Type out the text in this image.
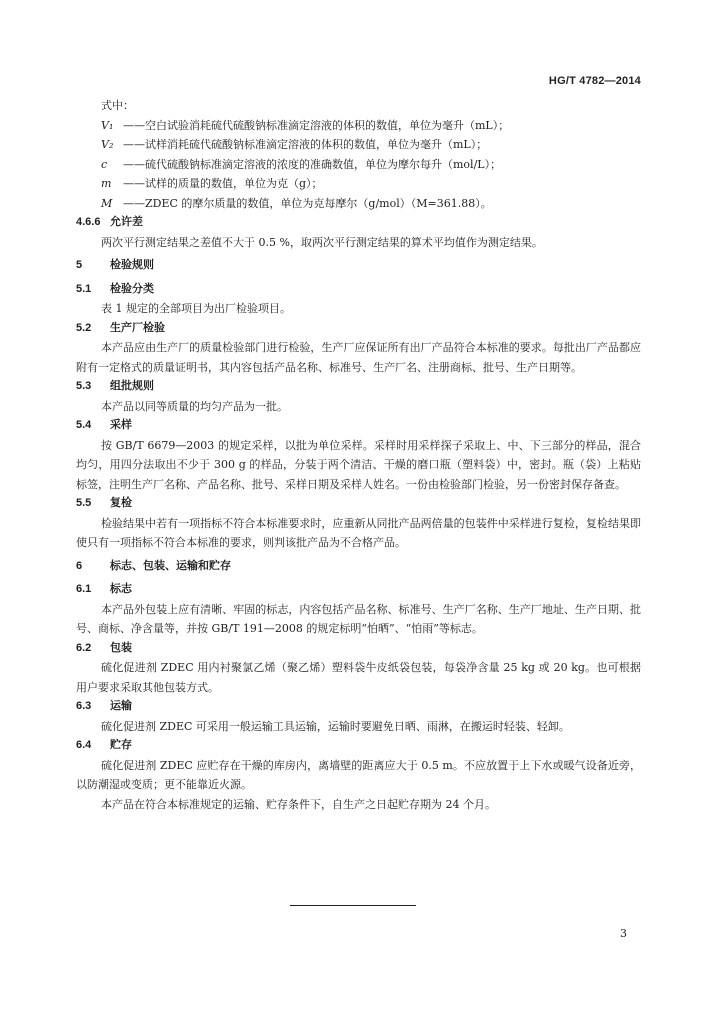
HG/T 4782—2014
式中：
V₁ ——空白试验消耗硫代硫酸钠标准滴定溶液的体积的数值，单位为毫升（mL）；
V₂ ——试样消耗硫代硫酸钠标准滴定溶液的体积的数值，单位为毫升（mL）；
c ——硫代硫酸钠标准滴定溶液的浓度的准确数值，单位为摩尔每升（mol/L）；
m ——试样的质量的数值，单位为克（g）；
M ——ZDEC 的摩尔质量的数值，单位为克每摩尔（g/mol）（M=361.88）。
4.6.6 允许差
两次平行测定结果之差值不大于 0.5 %，取两次平行测定结果的算术平均值作为测定结果。
5	检验规则
5.1 检验分类
表 1 规定的全部项目为出厂检验项目。
5.2 生产厂检验
本产品应由生产厂的质量检验部门进行检验，生产厂应保证所有出厂产品符合本标准的要求。每批出厂产品都应附有一定格式的质量证明书，其内容包括产品名称、标准号、生产厂名、注册商标、批号、生产日期等。
5.3 组批规则
本产品以同等质量的均匀产品为一批。
5.4 采样
按 GB/T 6679—2003 的规定采样，以批为单位采样。采样时用采样探子采取上、中、下三部分的样品，混合均匀，用四分法取出不少于 300 g 的样品，分装于两个清洁、干燥的磨口瓶（塑料袋）中，密封。瓶（袋）上粘贴标签，注明生产厂名称、产品名称、批号、采样日期及采样人姓名。一份由检验部门检验，另一份密封保存备查。
5.5 复检
检验结果中若有一项指标不符合本标准要求时，应重新从同批产品两倍量的包装件中采样进行复检，复检结果即使只有一项指标不符合本标准的要求，则判该批产品为不合格产品。
6	标志、包装、运输和贮存
6.1 标志
本产品外包装上应有清晰、牢固的标志，内容包括产品名称、标准号、生产厂名称、生产厂地址、生产日期、批号、商标、净含量等，并按 GB/T 191—2008 的规定标明“怕晒”、“怕雨”等标志。
6.2 包装
硫化促进剂 ZDEC 用内衬聚氯乙烯（聚乙烯）塑料袋牛皮纸袋包装，每袋净含量 25 kg 或 20 kg。也可根据用户要求采取其他包装方式。
6.3 运输
硫化促进剂 ZDEC 可采用一般运输工具运输，运输时要避免日晒、雨淋，在搬运时轻装、轻卸。
6.4 贮存
硫化促进剂 ZDEC 应贮存在干燥的库房内，离墙壁的距离应大于 0.5 m。不应放置于上下水或暖气设备近旁，以防潮湿或变质；更不能靠近火源。
本产品在符合本标准规定的运输、贮存条件下，自生产之日起贮存期为 24 个月。
3
